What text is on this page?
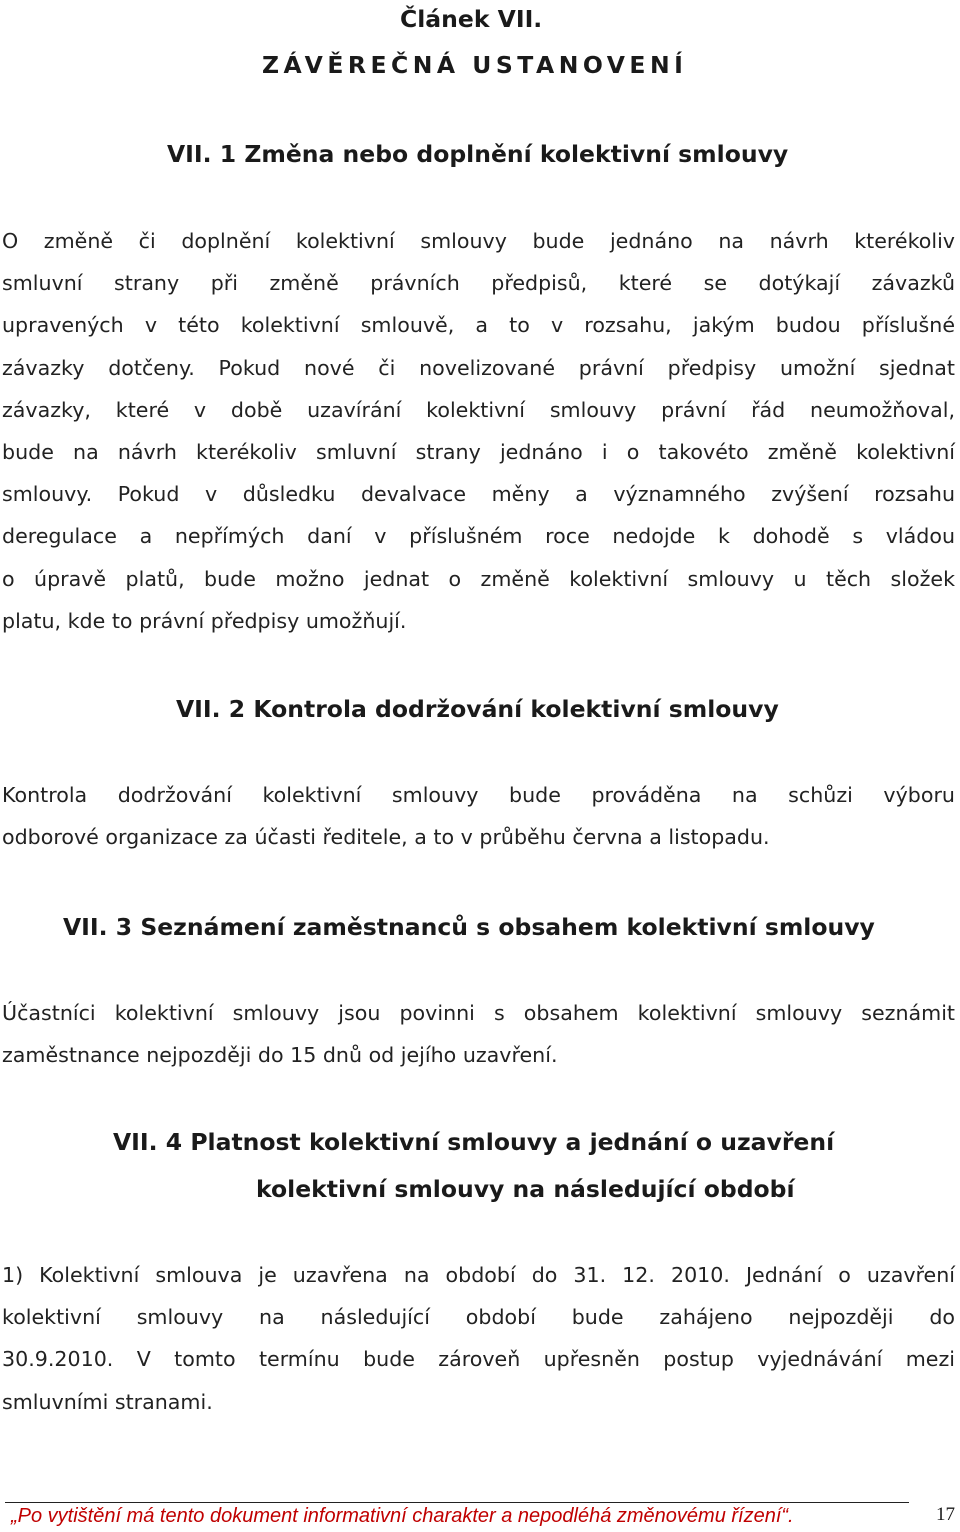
Článek VII.
ZÁVĚREČNÁ USTANOVENÍ
VII. 1 Změna nebo doplnění kolektivní smlouvy
O změně či doplnění kolektivní smlouvy bude jednáno na návrh kterékoliv
smluvní strany při změně právních předpisů, které se dotýkají závazků
upravených v této kolektivní smlouvě, a to v rozsahu, jakým budou příslušné
závazky dotčeny. Pokud nové či novelizované právní předpisy umožní sjednat
závazky, které v době uzavírání kolektivní smlouvy právní řád neumožňoval,
bude na návrh kterékoliv smluvní strany jednáno i o takovéto změně kolektivní
smlouvy. Pokud v důsledku devalvace měny a významného zvýšení rozsahu
deregulace a nepřímých daní v příslušném roce nedojde k dohodě s vládou
o úpravě platů, bude možno jednat o změně kolektivní smlouvy u těch složek
platu, kde to právní předpisy umožňují.
VII. 2 Kontrola dodržování kolektivní smlouvy
Kontrola dodržování kolektivní smlouvy bude prováděna na schůzi výboru
odborové organizace za účasti ředitele, a to v průběhu června a listopadu.
VII. 3 Seznámení zaměstnanců s obsahem kolektivní smlouvy
Účastníci kolektivní smlouvy jsou povinni s obsahem kolektivní smlouvy seznámit
zaměstnance nejpozději do 15 dnů od jejího uzavření.
VII. 4 Platnost kolektivní smlouvy a jednání o uzavření
kolektivní smlouvy na následující období
1) Kolektivní smlouva je uzavřena na období do 31. 12. 2010. Jednání o uzavření
kolektivní smlouvy na následující období bude zahájeno nejpozději do
30.9.2010. V tomto termínu bude zároveň upřesněn postup vyjednávání mezi
smluvními stranami.
„Po vytištění má tento dokument informativní charakter a nepodléhá změnovému řízení“.	17
